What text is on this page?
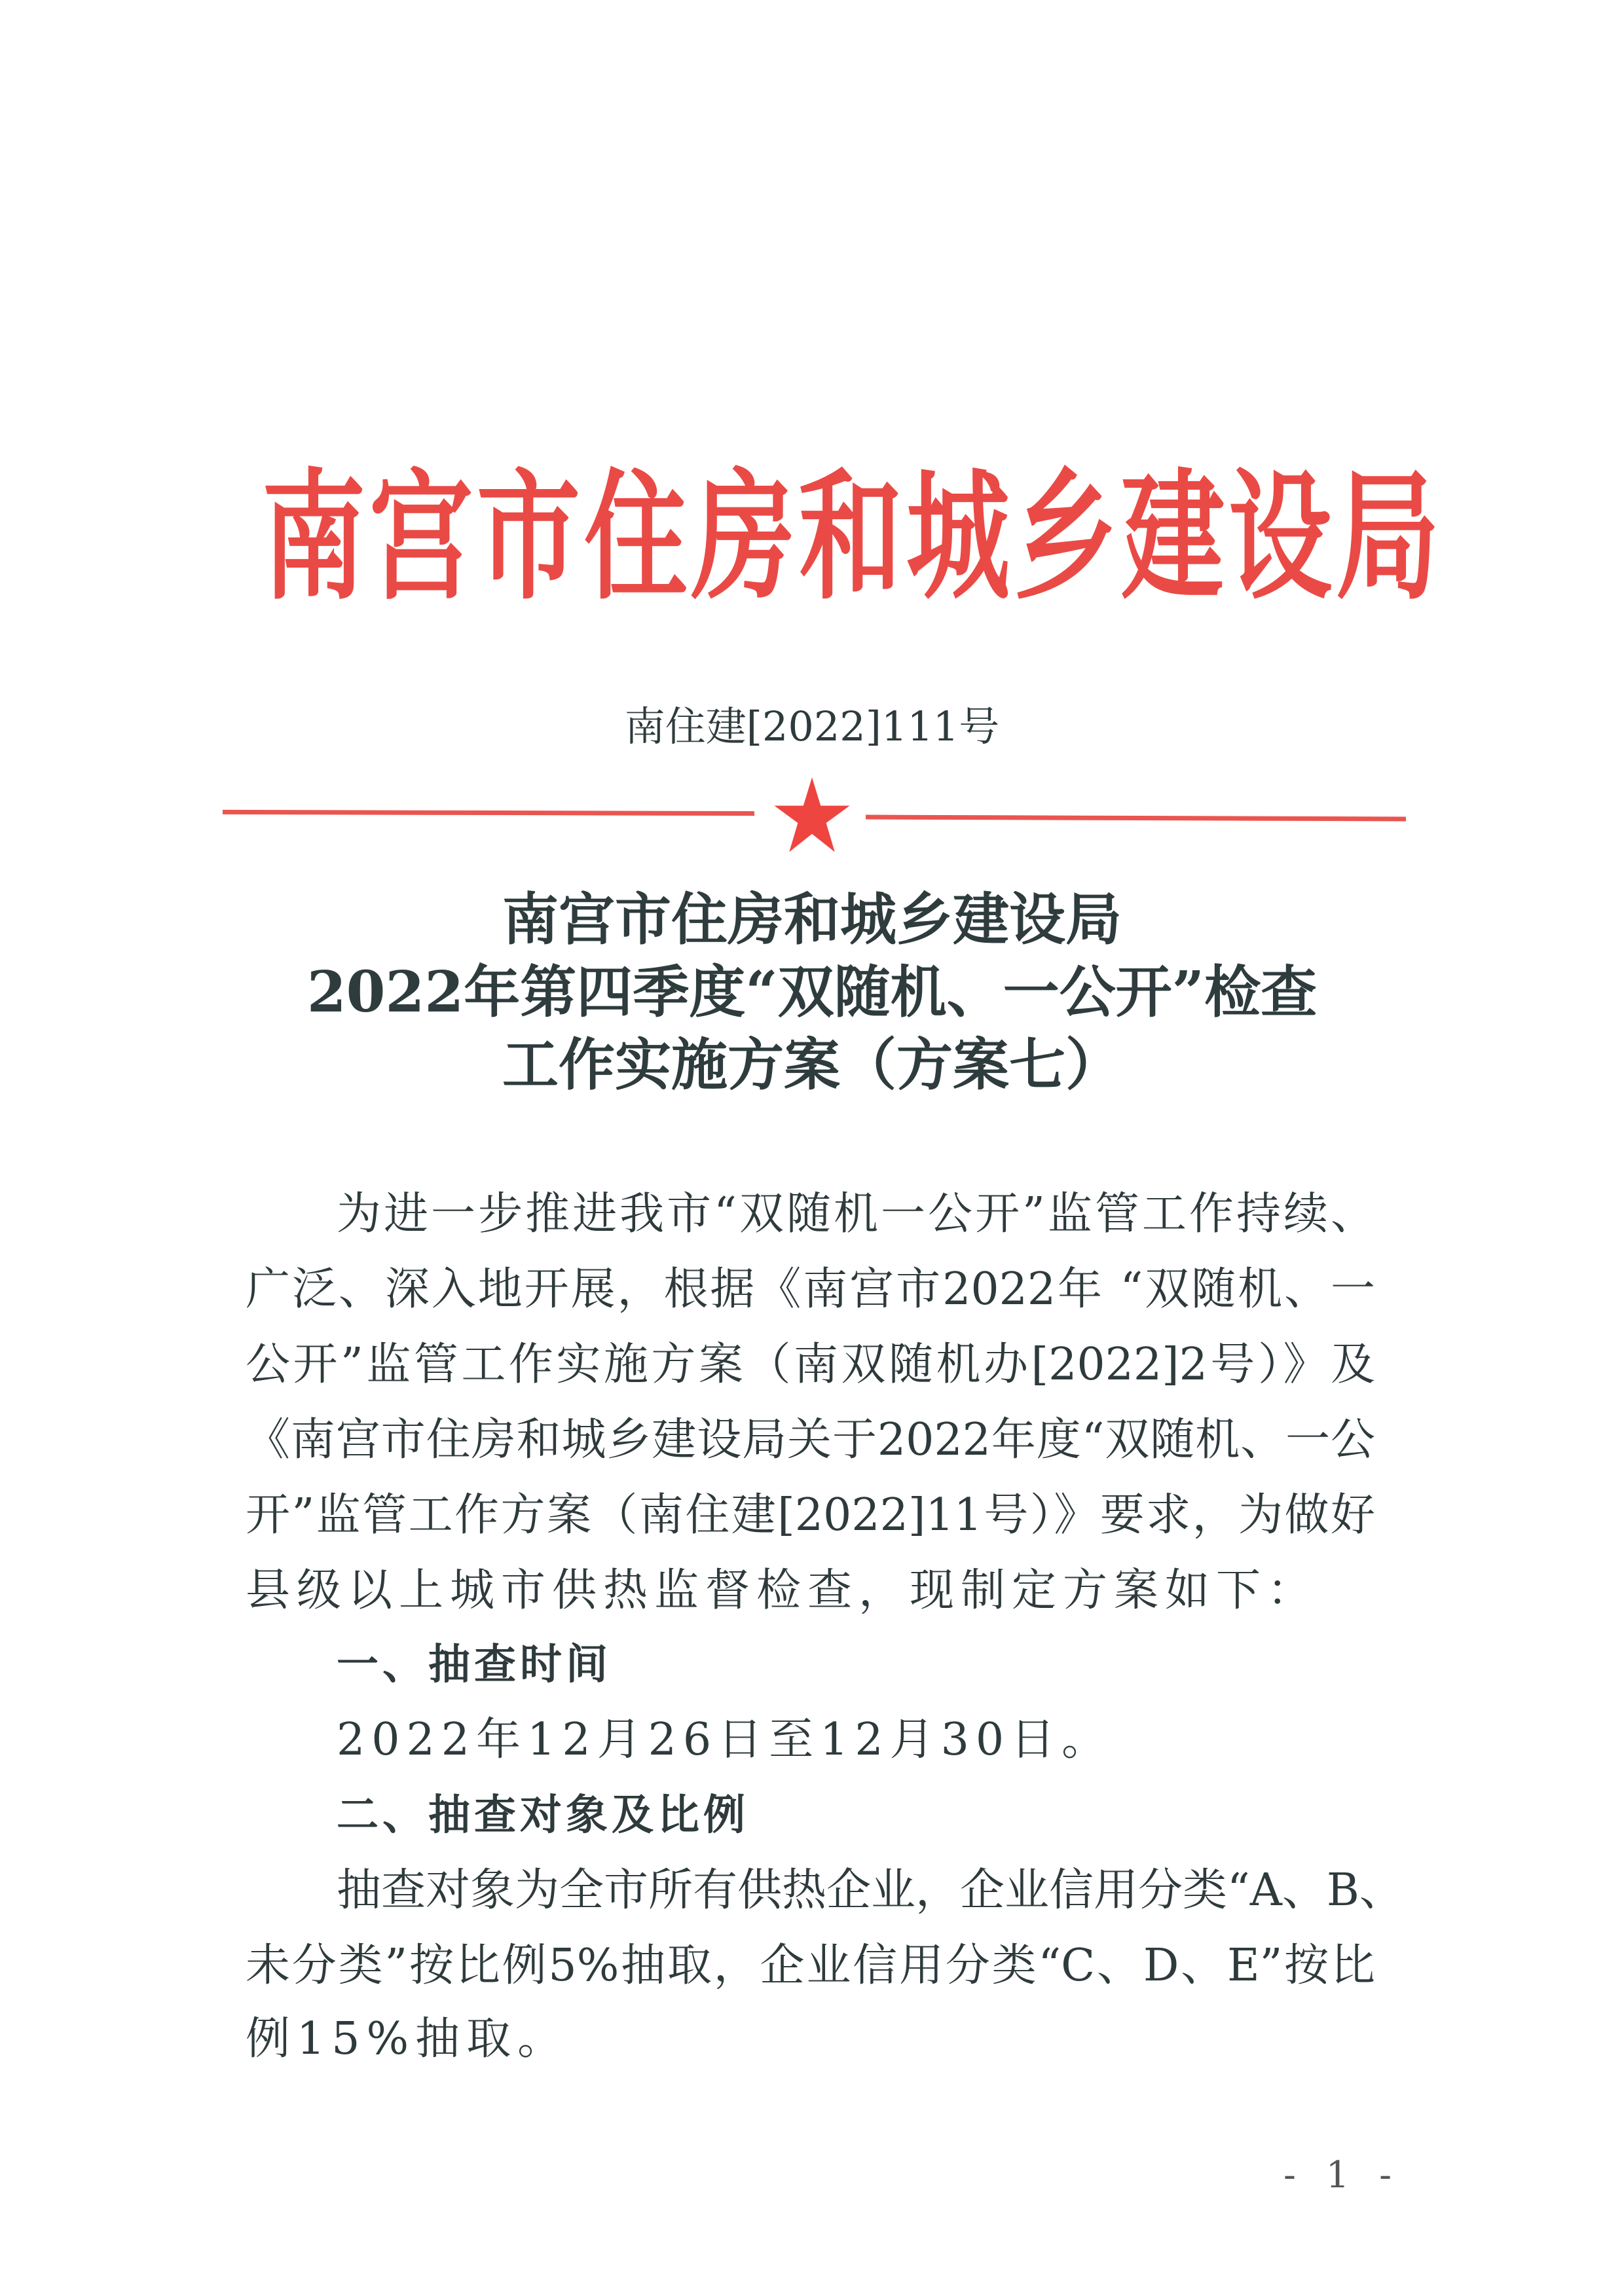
南宫市住房和城乡建设局
南住建[2022]111号
南宫市住房和城乡建设局
2022年第四季度“双随机、一公开”检查
工作实施方案（方案七）
为进一步推进我市“双随机一公开”监管工作持续、
广泛、深入地开展，根据《南宫市2022年 “双随机、一
公开”监管工作实施方案（南双随机办[2022]2号）》及
《南宫市住房和城乡建设局关于2022年度“双随机、一公
开”监管工作方案（南住建[2022]11号）》要求，为做好
县级以上城市供热监督检查，现制定方案如下：
一、抽查时间
2022年12月26日至12月30日。
二、抽查对象及比例
抽查对象为全市所有供热企业，企业信用分类“A、B、
未分类”按比例5%抽取，企业信用分类“C、D、E”按比
例15%抽取。
- 1 -
